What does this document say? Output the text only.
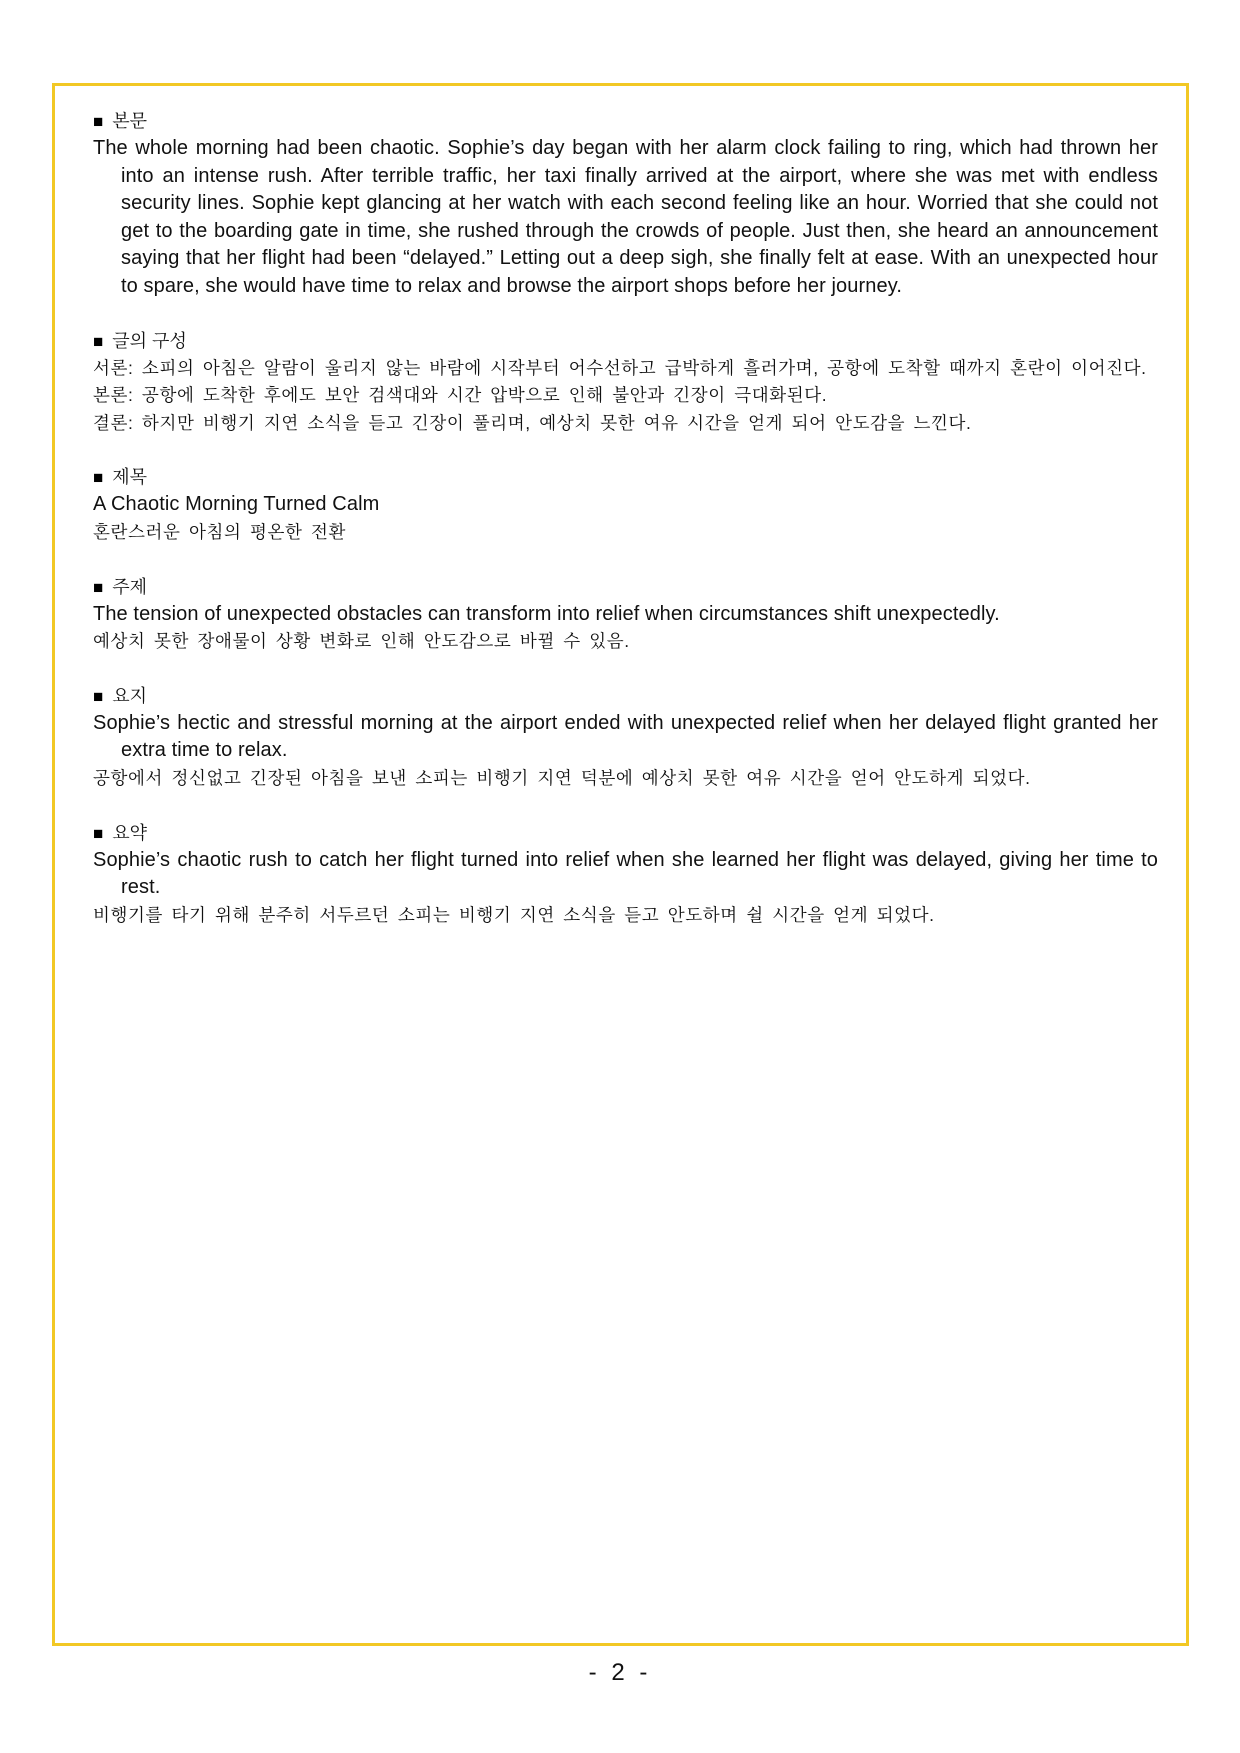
■ 본문
The whole morning had been chaotic. Sophie’s day began with her alarm clock failing to ring, which had thrown her into an intense rush. After terrible traffic, her taxi finally arrived at the airport, where she was met with endless security lines. Sophie kept glancing at her watch with each second feeling like an hour. Worried that she could not get to the boarding gate in time, she rushed through the crowds of people. Just then, she heard an announcement saying that her flight had been “delayed.” Letting out a deep sigh, she finally felt at ease. With an unexpected hour to spare, she would have time to relax and browse the airport shops before her journey.
■ 글의 구성
서론: 소피의 아침은 알람이 울리지 않는 바람에 시작부터 어수선하고 급박하게 흘러가며, 공항에 도착할 때까지 혼란이 이어진다.
본론: 공항에 도착한 후에도 보안 검색대와 시간 압박으로 인해 불안과 긴장이 극대화된다.
결론: 하지만 비행기 지연 소식을 듣고 긴장이 풀리며, 예상치 못한 여유 시간을 얻게 되어 안도감을 느낀다.
■ 제목
A Chaotic Morning Turned Calm
혼란스러운 아침의 평온한 전환
■ 주제
The tension of unexpected obstacles can transform into relief when circumstances shift unexpectedly.
예상치 못한 장애물이 상황 변화로 인해 안도감으로 바뀔 수 있음.
■ 요지
Sophie’s hectic and stressful morning at the airport ended with unexpected relief when her delayed flight granted her extra time to relax.
공항에서 정신없고 긴장된 아침을 보낸 소피는 비행기 지연 덕분에 예상치 못한 여유 시간을 얻어 안도하게 되었다.
■ 요약
Sophie’s chaotic rush to catch her flight turned into relief when she learned her flight was delayed, giving her time to rest.
비행기를 타기 위해 분주히 서두르던 소피는 비행기 지연 소식을 듣고 안도하며 쉴 시간을 얻게 되었다.
- 2 -
